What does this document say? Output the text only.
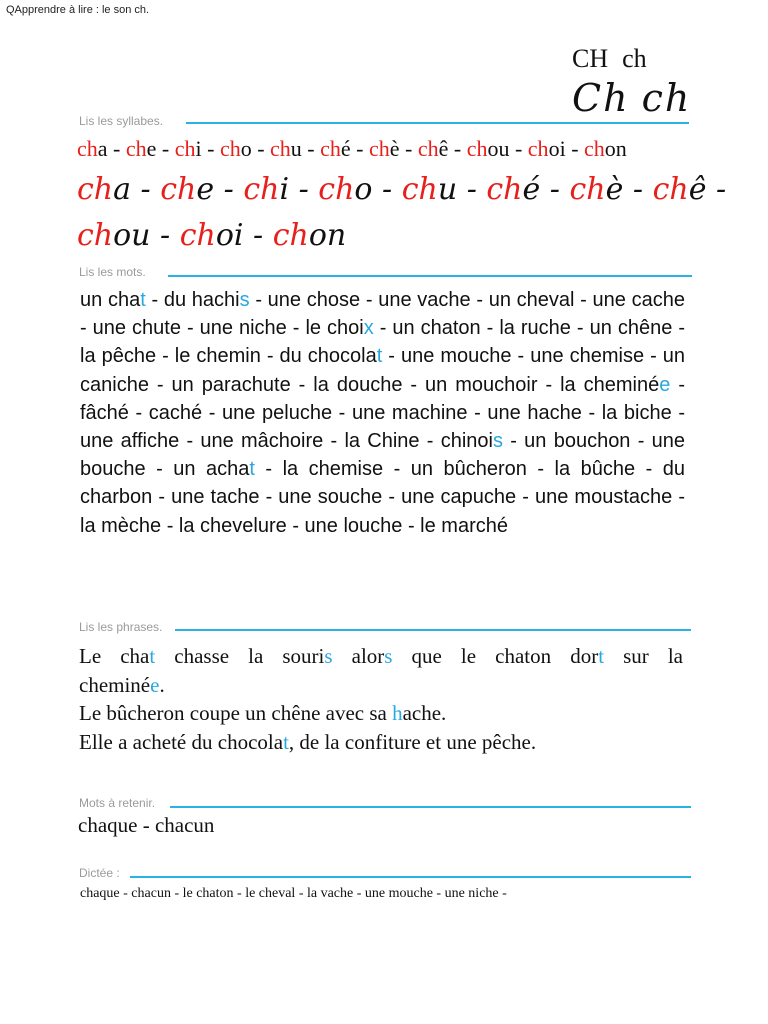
QApprendre à lire : le son ch.
CH ch
Ch ch
Lis les syllabes.
cha - che - chi - cho - chu - ché - chè - chê - chou - choi - chon
cha - che - chi - cho - chu - ché - chè - chê -
chou - choi - chon
Lis les mots.
un chat - du hachis - une chose - une vache - un cheval - une cache - une chute - une niche - le choix - un chaton - la ruche - un chêne - la pêche - le chemin - du chocolat - une mouche - une chemise - un caniche - un parachute - la douche - un mouchoir - la cheminée - fâché - caché - une peluche - une machine - une hache - la biche - une affiche - une mâchoire - la Chine - chinois - un bouchon - une bouche - un achat - la chemise - un bûcheron - la bûche - du charbon - une tache - une souche - une capuche - une moustache - la mèche - la chevelure - une louche - le marché
Lis les phrases.
Le chat chasse la souris alors que le chaton dort sur la
cheminée.
Le bûcheron coupe un chêne avec sa hache.
Elle a acheté du chocolat, de la confiture et une pêche.
Mots à retenir.
chaque - chacun
Dictée :
chaque - chacun - le chaton - le cheval - la vache - une mouche - une niche -
